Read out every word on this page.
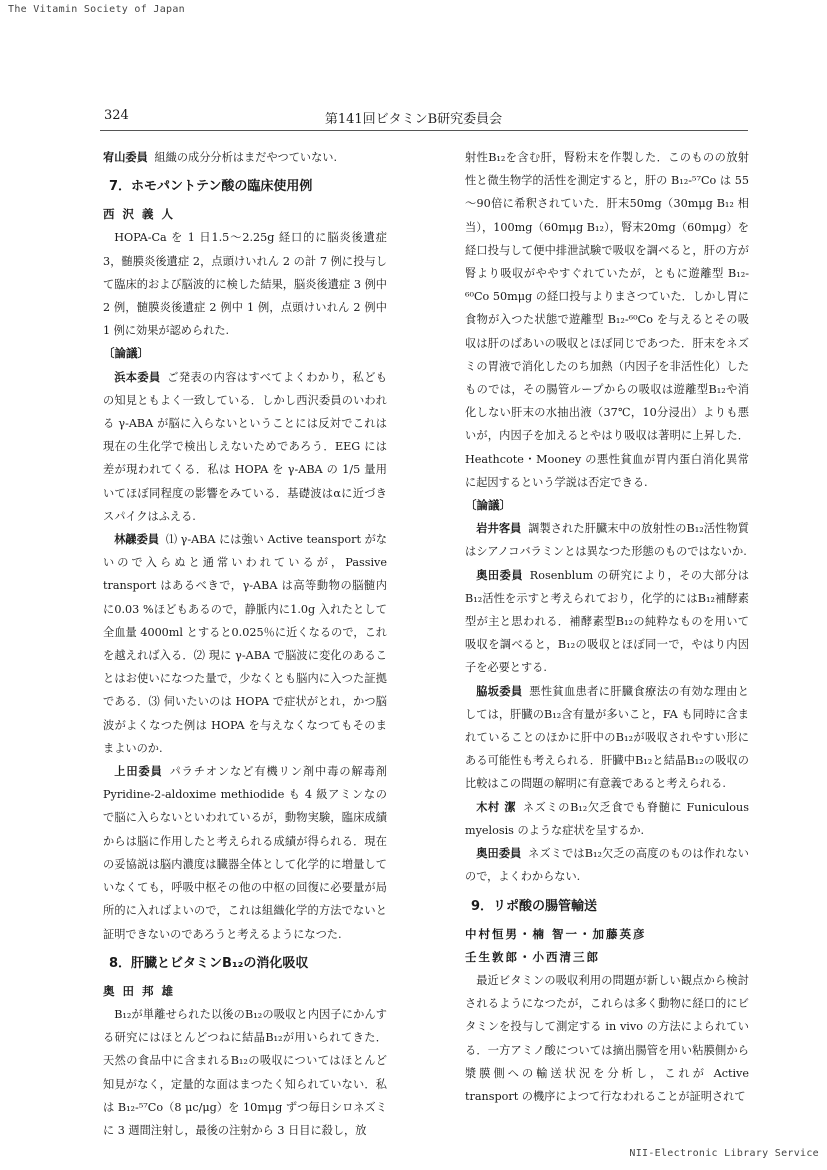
The Vitamin Society of Japan
NII-Electronic Library Service
324	第141回ビタミンB研究委員会

宥山委員 組織の成分分析はまだやつていない.

7．ホモパントテン酸の臨床使用例

西 沢 義 人

HOPA-Ca を 1 日1.5～2.25g 経口的に脳炎後遺症3，髄膜炎後遺症 2，点頭けいれん 2 の計 7 例に投与して臨床的および脳波的に検した結果，脳炎後遺症 3 例中 2 例，髄膜炎後遺症 2 例中 1 例，点頭けいれん 2 例中 1 例に効果が認められた.

〔論議〕

浜本委員 ご発表の内容はすべてよくわかり，私どもの知見ともよく一致している．しかし西沢委員のいわれる γ-ABA が脳に入らないということには反対でこれは現在の生化学で検出しえないためであろう．EEG には差が現われてくる．私は HOPA を γ-ABA の 1/5 量用いてほぼ同程度の影響をみている．基礎波はαに近づきスパイクはふえる.

林髞委員 ⑴ γ-ABA には強い Active teansport がないので入らぬと通常いわれているが，Passive transport はあるべきで，γ-ABA は高等動物の脳髄内に0.03 %ほどもあるので，静脈内に1.0g 入れたとして全血量 4000ml とすると0.025％に近くなるので，これを越えれば入る．⑵ 現に γ-ABA で脳波に変化のあることはお使いになつた量で，少なくとも脳内に入つた証拠である．⑶ 伺いたいのは HOPA で症状がとれ，かつ脳波がよくなつた例は HOPA を与えなくなつてもそのままよいのか.

上田委員 パラチオンなど有機リン剤中毒の解毒剤 Pyridine-2-aldoxime methiodide も 4 級アミンなので脳に入らないといわれているが，動物実験，臨床成績からは脳に作用したと考えられる成績が得られる．現在の妥協説は脳内濃度は臓器全体として化学的に増量していなくても，呼吸中枢その他の中枢の回復に必要量が局所的に入ればよいので，これは組織化学的方法でないと証明できないのであろうと考えるようになつた.

8．肝臓とビタミンB₁₂の消化吸収

奥 田 邦 雄

B₁₂が単離せられた以後のB₁₂の吸収と内因子にかんする研究にはほとんどつねに結晶B₁₂が用いられてきた．天然の食品中に含まれるB₁₂の吸収についてはほとんど知見がなく，定量的な面はまつたく知られていない．私は B₁₂-⁵⁷Co（8 μc/μg）を 10mμg ずつ毎日シロネズミに 3 週間注射し，最後の注射から 3 日目に殺し，放

射性B₁₂を含む肝，腎粉末を作製した．このものの放射性と微生物学的活性を測定すると，肝の B₁₂-⁵⁷Co は 55～90倍に希釈されていた．肝末50mg（30mμg B₁₂ 相当），100mg（60mμg B₁₂），腎末20mg（60mμg）を経口投与して便中排泄試験で吸収を調べると，肝の方が腎より吸収がややすぐれていたが，ともに遊離型 B₁₂-⁶⁰Co 50mμg の経口投与よりまさつていた．しかし胃に食物が入つた状態で遊離型 B₁₂-⁶⁰Co を与えるとその吸収は肝のばあいの吸収とほぼ同じであつた．肝末をネズミの胃液で消化したのち加熱（内因子を非活性化）したものでは，その腸管ループからの吸収は遊離型B₁₂や消化しない肝末の水抽出液（37℃，10分浸出）よりも悪いが，内因子を加えるとやはり吸収は著明に上昇した．Heathcote・Mooney の悪性貧血が胃内蛋白消化異常に起因するという学説は否定できる.

〔論議〕

岩井客員 調製された肝臓末中の放射性のB₁₂活性物質はシアノコバラミンとは異なつた形態のものではないか.

奥田委員 Rosenblum の研究により，その大部分はB₁₂活性を示すと考えられており，化学的にはB₁₂補酵素型が主と思われる．補酵素型B₁₂の純粋なものを用いて吸収を調べると，B₁₂の吸収とほぼ同一で，やはり内因子を必要とする.

脇坂委員 悪性貧血患者に肝臓食療法の有効な理由としては，肝臓のB₁₂含有量が多いこと，FA も同時に含まれていることのほかに肝中のB₁₂が吸収されやすい形にある可能性も考えられる．肝臓中B₁₂と結晶B₁₂の吸収の比較はこの問題の解明に有意義であると考えられる.

木村 潔 ネズミのB₁₂欠乏食でも脊髄に Funiculous myelosis のような症状を呈するか.

奥田委員 ネズミではB₁₂欠乏の高度のものは作れないので，よくわからない.

9．リポ酸の腸管輸送

中村恒男・楠 智一・加藤英彦

壬生敦郎・小西清三郎

最近ビタミンの吸収利用の問題が新しい観点から検討されるようになつたが，これらは多く動物に経口的にビタミンを投与して測定する in vivo の方法によられている．一方アミノ酸については摘出腸管を用い粘膜側から漿膜側への輸送状況を分析し，これが Active transport の機序によつて行なわれることが証明されて
